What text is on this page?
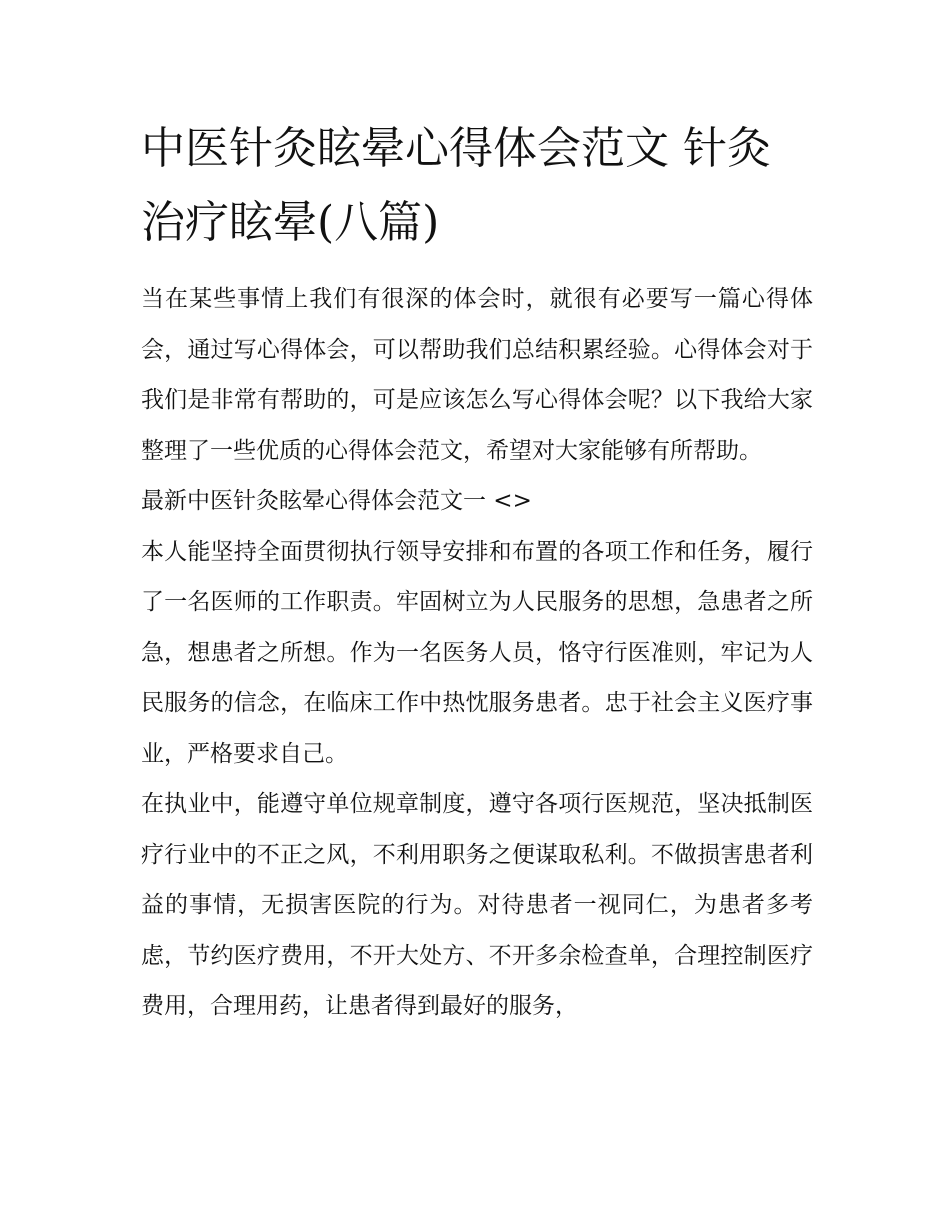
中医针灸眩晕心得体会范文 针灸治疗眩晕(八篇)

当在某些事情上我们有很深的体会时，就很有必要写一篇心得体会，通过写心得体会，可以帮助我们总结积累经验。心得体会对于我们是非常有帮助的，可是应该怎么写心得体会呢？以下我给大家整理了一些优质的心得体会范文，希望对大家能够有所帮助。

最新中医针灸眩晕心得体会范文一 <>

本人能坚持全面贯彻执行领导安排和布置的各项工作和任务，履行了一名医师的工作职责。牢固树立为人民服务的思想，急患者之所急，想患者之所想。作为一名医务人员，恪守行医准则，牢记为人民服务的信念，在临床工作中热忱服务患者。忠于社会主义医疗事业，严格要求自己。

在执业中，能遵守单位规章制度，遵守各项行医规范，坚决抵制医疗行业中的不正之风，不利用职务之便谋取私利。不做损害患者利益的事情，无损害医院的行为。对待患者一视同仁，为患者多考虑，节约医疗费用，不开大处方、不开多余检查单，合理控制医疗费用，合理用药，让患者得到最好的服务，
